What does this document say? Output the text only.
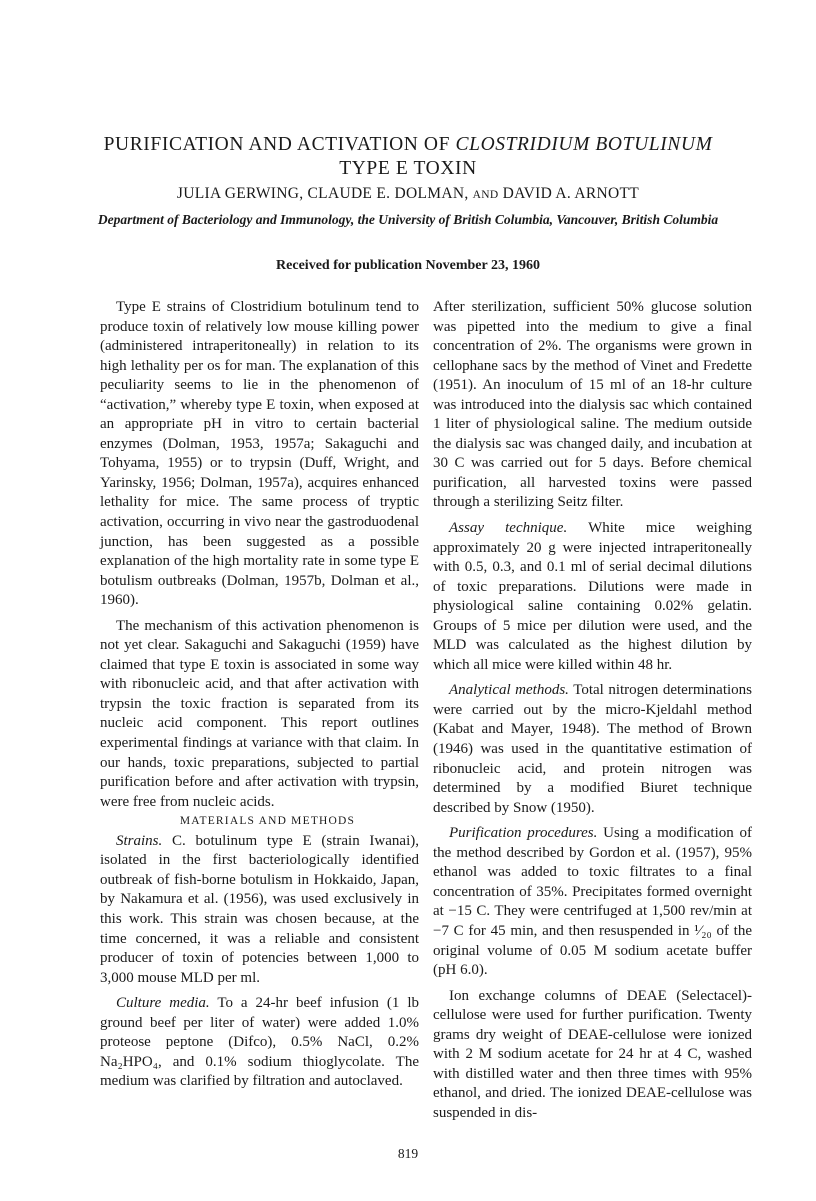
PURIFICATION AND ACTIVATION OF CLOSTRIDIUM BOTULINUM
TYPE E TOXIN
JULIA GERWING, CLAUDE E. DOLMAN, AND DAVID A. ARNOTT
Department of Bacteriology and Immunology, the University of British Columbia, Vancouver, British Columbia
Received for publication November 23, 1960

Type E strains of Clostridium botulinum tend to produce toxin of relatively low mouse killing power (administered intraperitoneally) in relation to its high lethality per os for man. The explanation of this peculiarity seems to lie in the phenomenon of “activation,” whereby type E toxin, when exposed at an appropriate pH in vitro to certain bacterial enzymes (Dolman, 1953, 1957a; Sakaguchi and Tohyama, 1955) or to trypsin (Duff, Wright, and Yarinsky, 1956; Dolman, 1957a), acquires enhanced lethality for mice. The same process of tryptic activation, occurring in vivo near the gastroduodenal junction, has been suggested as a possible explanation of the high mortality rate in some type E botulism outbreaks (Dolman, 1957b, Dolman et al., 1960).

The mechanism of this activation phenomenon is not yet clear. Sakaguchi and Sakaguchi (1959) have claimed that type E toxin is associated in some way with ribonucleic acid, and that after activation with trypsin the toxic fraction is separated from its nucleic acid component. This report outlines experimental findings at variance with that claim. In our hands, toxic preparations, subjected to partial purification before and after activation with trypsin, were free from nucleic acids.

MATERIALS AND METHODS

Strains. C. botulinum type E (strain Iwanai), isolated in the first bacteriologically identified outbreak of fish-borne botulism in Hokkaido, Japan, by Nakamura et al. (1956), was used exclusively in this work. This strain was chosen because, at the time concerned, it was a reliable and consistent producer of toxin of potencies between 1,000 to 3,000 mouse MLD per ml.

Culture media. To a 24-hr beef infusion (1 lb ground beef per liter of water) were added 1.0% proteose peptone (Difco), 0.5% NaCl, 0.2% Na₂HPO₄, and 0.1% sodium thioglycolate. The medium was clarified by filtration and autoclaved.

After sterilization, sufficient 50% glucose solution was pipetted into the medium to give a final concentration of 2%. The organisms were grown in cellophane sacs by the method of Vinet and Fredette (1951). An inoculum of 15 ml of an 18-hr culture was introduced into the dialysis sac which contained 1 liter of physiological saline. The medium outside the dialysis sac was changed daily, and incubation at 30 C was carried out for 5 days. Before chemical purification, all harvested toxins were passed through a sterilizing Seitz filter.

Assay technique. White mice weighing approximately 20 g were injected intraperitoneally with 0.5, 0.3, and 0.1 ml of serial decimal dilutions of toxic preparations. Dilutions were made in physiological saline containing 0.02% gelatin. Groups of 5 mice per dilution were used, and the MLD was calculated as the highest dilution by which all mice were killed within 48 hr.

Analytical methods. Total nitrogen determinations were carried out by the micro-Kjeldahl method (Kabat and Mayer, 1948). The method of Brown (1946) was used in the quantitative estimation of ribonucleic acid, and protein nitrogen was determined by a modified Biuret technique described by Snow (1950).

Purification procedures. Using a modification of the method described by Gordon et al. (1957), 95% ethanol was added to toxic filtrates to a final concentration of 35%. Precipitates formed overnight at −15 C. They were centrifuged at 1,500 rev/min at −7 C for 45 min, and then resuspended in ¹⁄₂₀ of the original volume of 0.05 M sodium acetate buffer (pH 6.0).

Ion exchange columns of DEAE (Selectacel)-cellulose were used for further purification. Twenty grams dry weight of DEAE-cellulose were ionized with 2 M sodium acetate for 24 hr at 4 C, washed with distilled water and then three times with 95% ethanol, and dried. The ionized DEAE-cellulose was suspended in dis-

819
